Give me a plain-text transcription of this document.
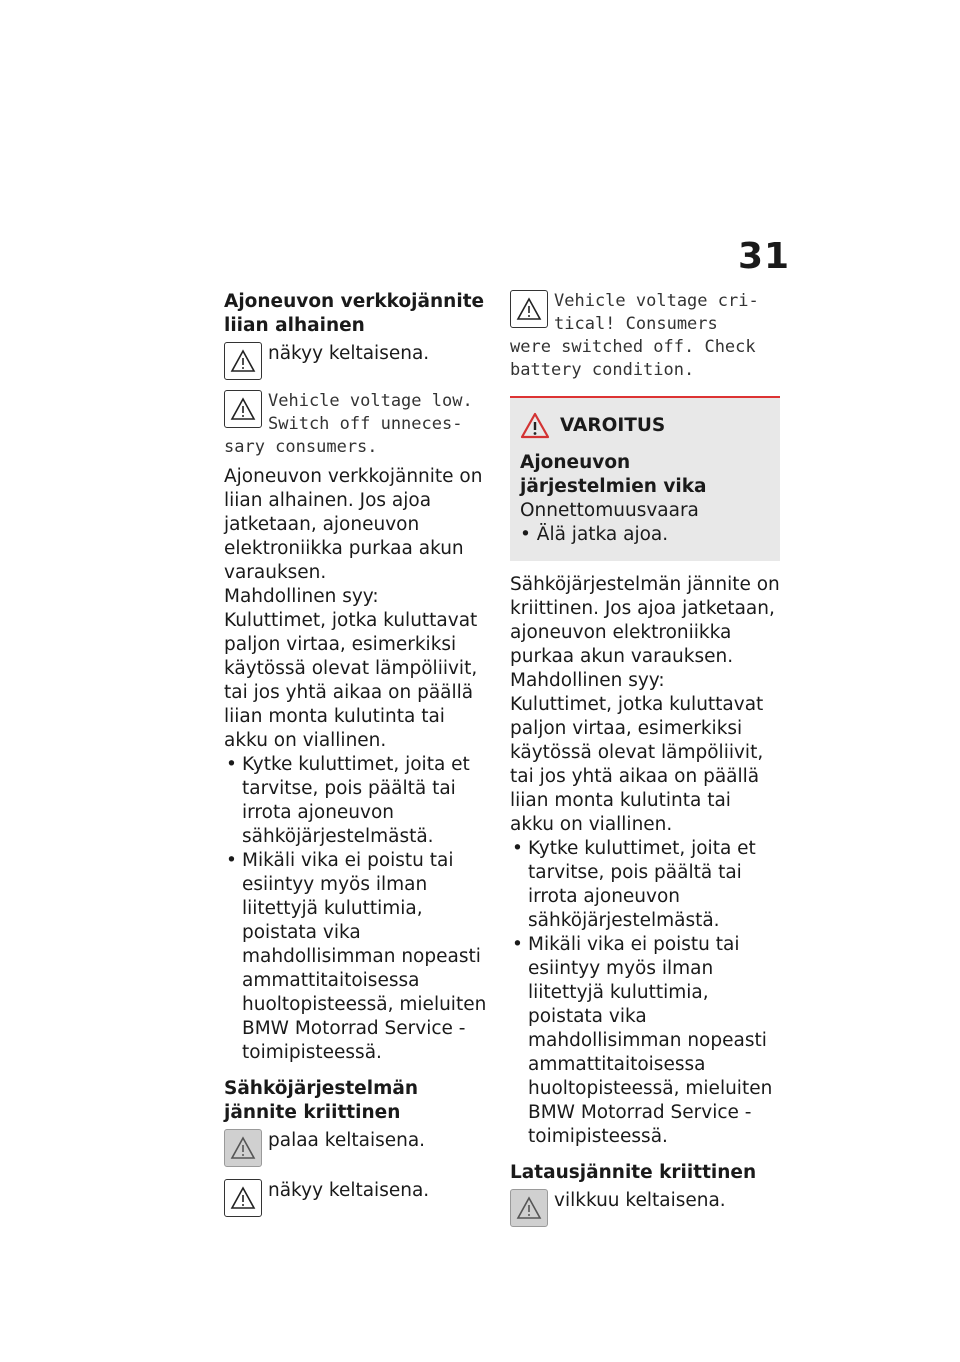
31

Ajoneuvon verkkojännite liian alhainen

näkyy keltaisena.
Vehicle voltage low.
Switch off unneces-
sary consumers.

Ajoneuvon verkkojännite on liian alhainen. Jos ajoa jatketaan, ajoneuvon elektroniikka purkaa akun varauksen.

Mahdollinen syy:

Kuluttimet, jotka kuluttavat paljon virtaa, esimerkiksi käytössä olevat lämpöliivit, tai jos yhtä aikaa on päällä liian monta kulutinta tai akku on viallinen.

• Kytke kuluttimet, joita et tarvitse, pois päältä tai irrota ajoneuvon sähköjärjestelmästä.
• Mikäli vika ei poistu tai esiintyy myös ilman liitettyjä kuluttimia, poistata vika mahdollisimman nopeasti ammattitaitoisessa huoltopisteessä, mieluiten BMW Motorrad Service -toimipisteessä.

Sähköjärjestelmän jännite kriittinen

palaa keltaisena.
näkyy keltaisena.
Vehicle voltage cri-
tical! Consumers
were switched off. Check
battery condition.
VAROITUS

Ajoneuvon järjestelmien vika

Onnettomuusvaara

• Älä jatka ajoa.

Sähköjärjestelmän jännite on kriittinen. Jos ajoa jatketaan, ajoneuvon elektroniikka purkaa akun varauksen.

Mahdollinen syy:

Kuluttimet, jotka kuluttavat paljon virtaa, esimerkiksi käytössä olevat lämpöliivit, tai jos yhtä aikaa on päällä liian monta kulutinta tai akku on viallinen.

• Kytke kuluttimet, joita et tarvitse, pois päältä tai irrota ajoneuvon sähköjärjestelmästä.
• Mikäli vika ei poistu tai esiintyy myös ilman liitettyjä kuluttimia, poistata vika mahdollisimman nopeasti ammattitaitoisessa huoltopisteessä, mieluiten BMW Motorrad Service -toimipisteessä.

Latausjännite kriittinen

vilkkuu keltaisena.
